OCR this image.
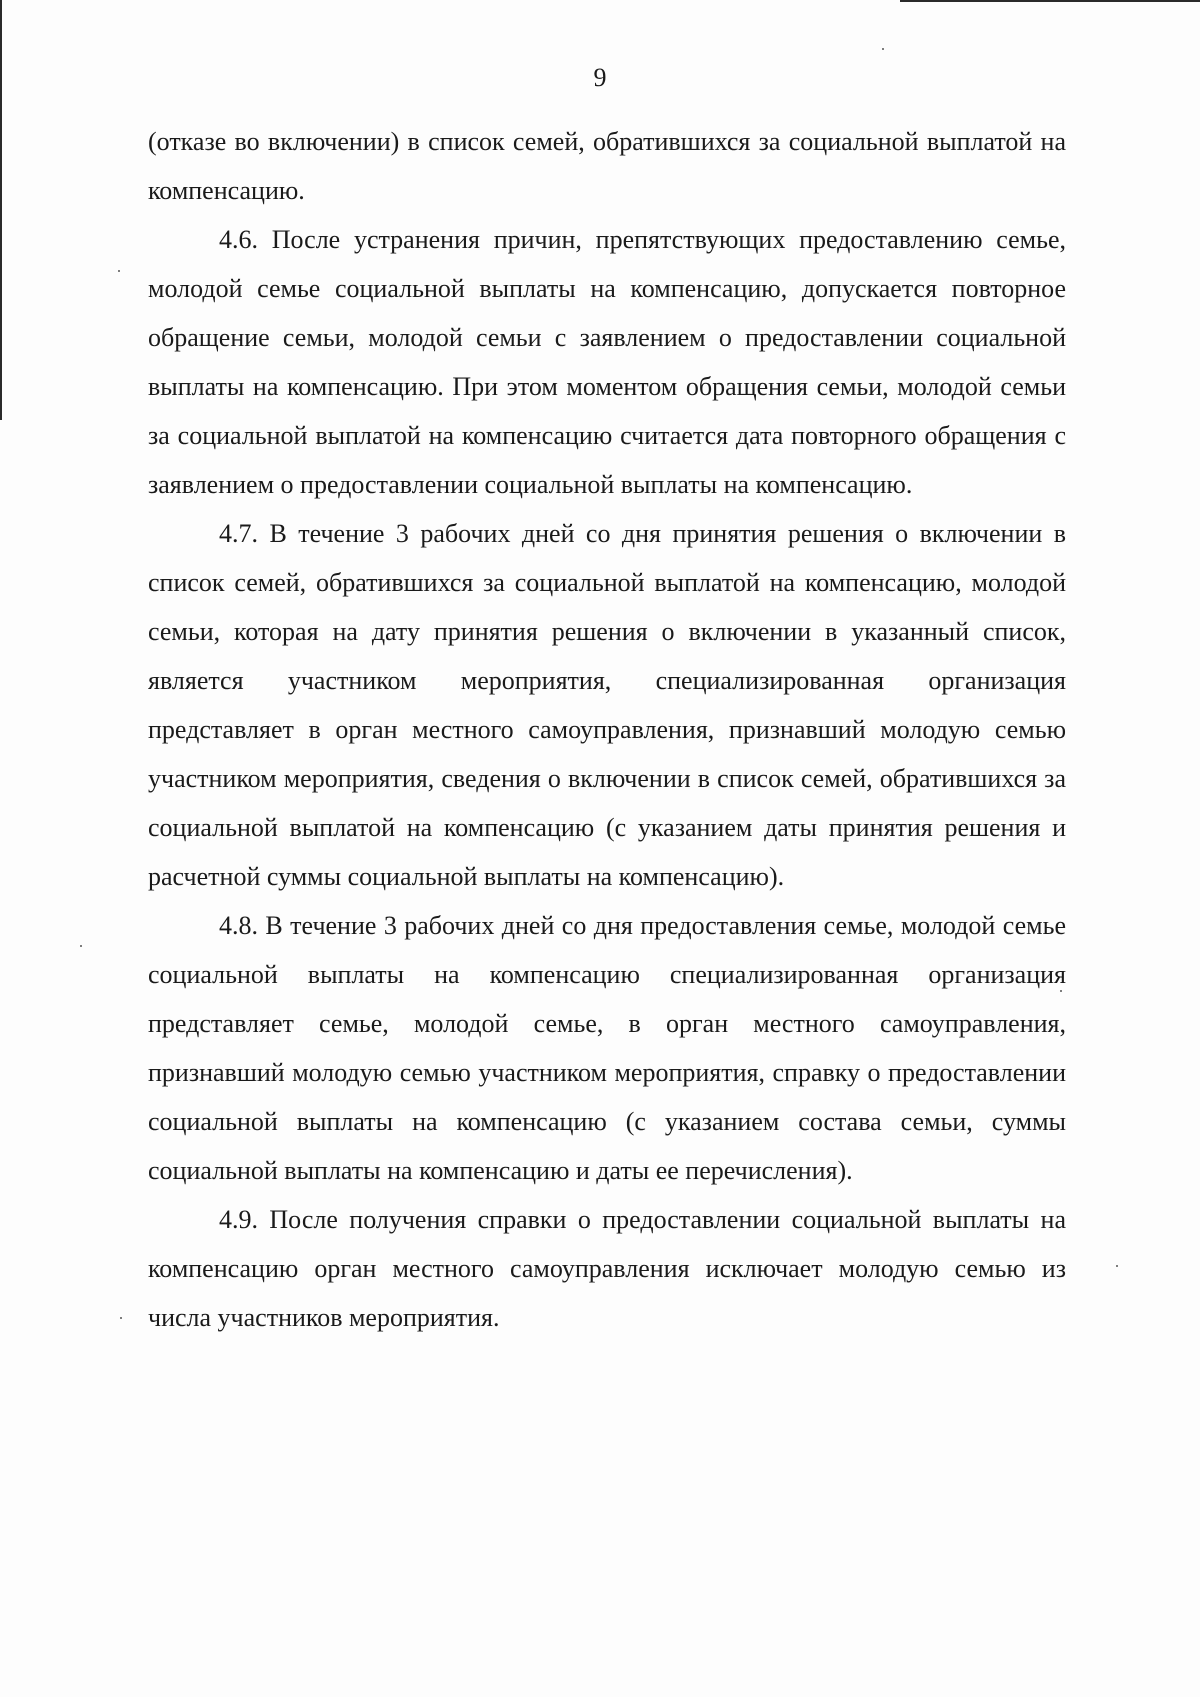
9

(отказе во включении) в список семей, обратившихся за социальной выплатой на компенсацию.

4.6. После устранения причин, препятствующих предоставлению семье, молодой семье социальной выплаты на компенсацию, допускается повторное обращение семьи, молодой семьи с заявлением о предоставлении социальной выплаты на компенсацию. При этом моментом обращения семьи, молодой семьи за социальной выплатой на компенсацию считается дата повторного обращения с заявлением о предоставлении социальной выплаты на компенсацию.

4.7. В течение 3 рабочих дней со дня принятия решения о включении в список семей, обратившихся за социальной выплатой на компенсацию, молодой семьи, которая на дату принятия решения о включении в указанный список, является участником мероприятия, специализированная организация представляет в орган местного самоуправления, признавший молодую семью участником мероприятия, сведения о включении в список семей, обратившихся за социальной выплатой на компенсацию (с указанием даты принятия решения и расчетной суммы социальной выплаты на компенсацию).

4.8. В течение 3 рабочих дней со дня предоставления семье, молодой семье социальной выплаты на компенсацию специализированная организация представляет семье, молодой семье, в орган местного самоуправления, признавший молодую семью участником мероприятия, справку о предоставлении социальной выплаты на компенсацию (с указанием состава семьи, суммы социальной выплаты на компенсацию и даты ее перечисления).

4.9. После получения справки о предоставлении социальной выплаты на компенсацию орган местного самоуправления исключает молодую семью из числа участников мероприятия.
